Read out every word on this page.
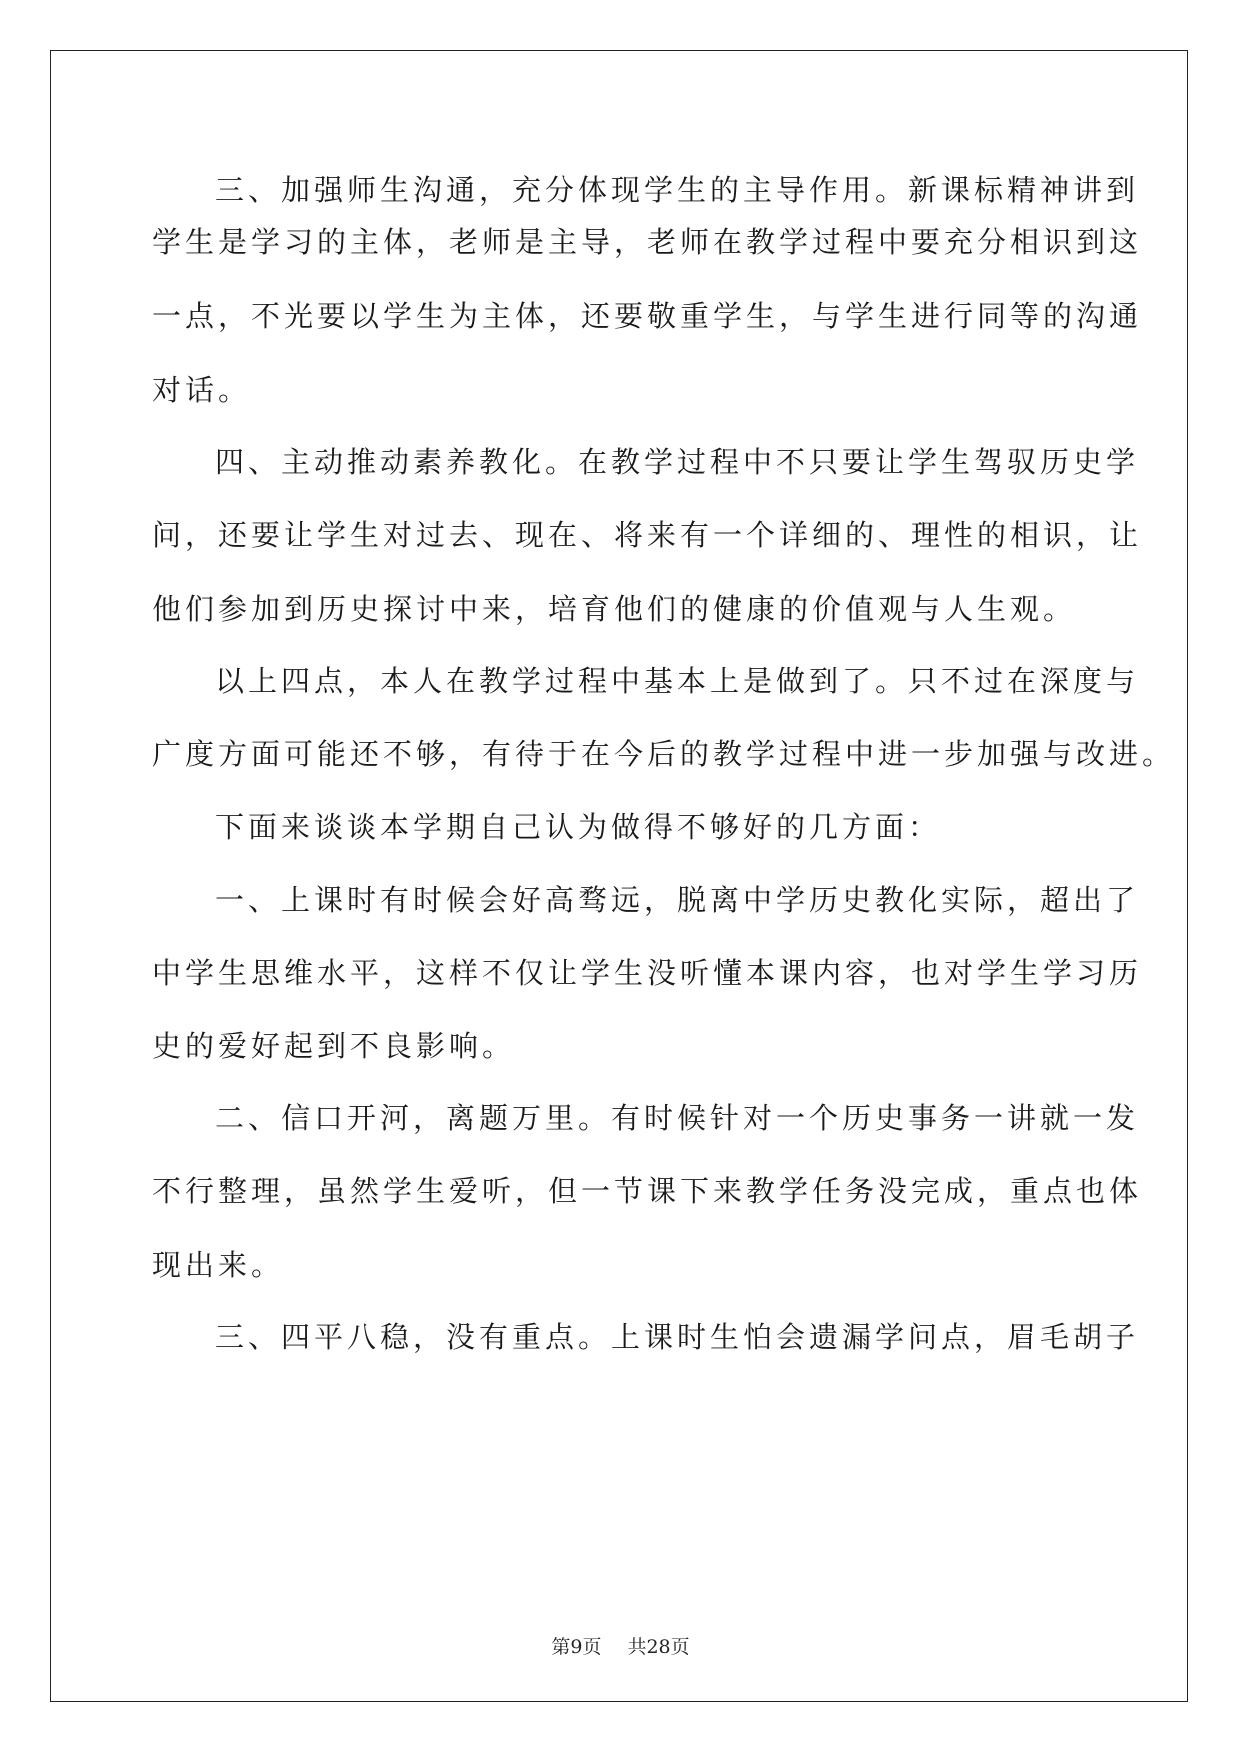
三、加强师生沟通，充分体现学生的主导作用。新课标精神讲到
学生是学习的主体，老师是主导，老师在教学过程中要充分相识到这
一点，不光要以学生为主体，还要敬重学生，与学生进行同等的沟通
对话。
四、主动推动素养教化。在教学过程中不只要让学生驾驭历史学
问，还要让学生对过去、现在、将来有一个详细的、理性的相识，让
他们参加到历史探讨中来，培育他们的健康的价值观与人生观。
以上四点，本人在教学过程中基本上是做到了。只不过在深度与
广度方面可能还不够，有待于在今后的教学过程中进一步加强与改进。
下面来谈谈本学期自己认为做得不够好的几方面：
一、上课时有时候会好高骛远，脱离中学历史教化实际，超出了
中学生思维水平，这样不仅让学生没听懂本课内容，也对学生学习历
史的爱好起到不良影响。
二、信口开河，离题万里。有时候针对一个历史事务一讲就一发
不行整理，虽然学生爱听，但一节课下来教学任务没完成，重点也体
现出来。
三、四平八稳，没有重点。上课时生怕会遗漏学问点，眉毛胡子
第9页 共28页
